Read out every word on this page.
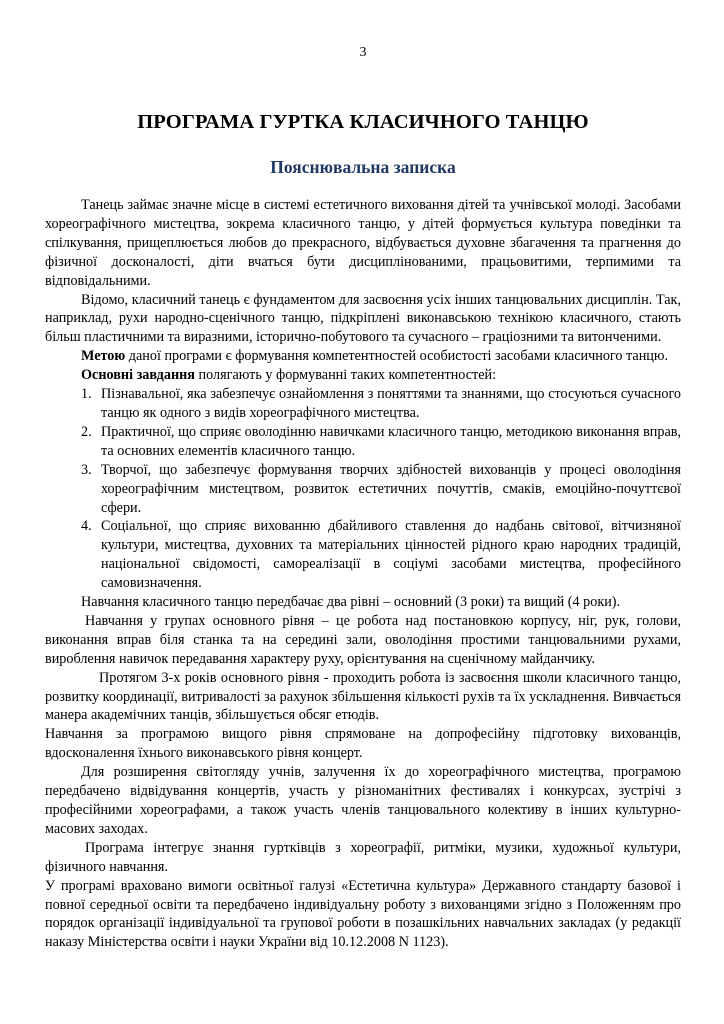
3

ПРОГРАМА ГУРТКА КЛАСИЧНОГО ТАНЦЮ
Пояснювальна записка

Танець займає значне місце в системі естетичного виховання дітей та учнівської молоді. Засобами хореографічного мистецтва, зокрема класичного танцю, у дітей формується культура поведінки та спілкування, прищеплюється любов до прекрасного, відбувається духовне збагачення та прагнення до фізичної досконалості, діти вчаться бути дисциплінованими, працьовитими, терпимими та відповідальними.

Відомо, класичний танець є фундаментом для засвоєння усіх інших танцювальних дисциплін. Так, наприклад, рухи народно-сценічного танцю, підкріплені виконавською технікою класичного, стають більш пластичними та виразними, історично-побутового та сучасного – граціозними та витонченими.

Метою даної програми є формування компетентностей особистості засобами класичного танцю.

Основні завдання полягають у формуванні таких компетентностей:

1. Пізнавальної, яка забезпечує ознайомлення з поняттями та знаннями, що стосуються сучасного танцю як одного з видів хореографічного мистецтва.
2. Практичної, що сприяє оволодінню навичками класичного танцю, методикою виконання вправ, та основних елементів класичного танцю.
3. Творчої, що забезпечує формування творчих здібностей вихованців у процесі оволодіння хореографічним мистецтвом, розвиток естетичних почуттів, смаків, емоційно-почуттєвої сфери.
4. Соціальної, що сприяє вихованню дбайливого ставлення до надбань світової, вітчизняної культури, мистецтва, духовних та матеріальних цінностей рідного краю народних традицій, національної свідомості, самореалізації в соціумі засобами мистецтва, професійного самовизначення.

Навчання класичного танцю передбачає два рівні – основний (3 роки) та вищий (4 роки).

Навчання у групах основного рівня – це робота над постановкою корпусу, ніг, рук, голови, виконання вправ біля станка та на середині зали, оволодіння простими танцювальними рухами, вироблення навичок передавання характеру руху, орієнтування на сценічному майданчику.

Протягом 3-х років основного рівня - проходить робота із засвоєння школи класичного танцю, розвитку координації, витривалості за рахунок збільшення кількості рухів та їх ускладнення. Вивчається манера академічних танців, збільшується обсяг етюдів.

Навчання за програмою вищого рівня спрямоване на допрофесійну підготовку вихованців, вдосконалення їхнього виконавського рівня концерт.

Для розширення світогляду учнів, залучення їх до хореографічного мистецтва, програмою передбачено відвідування концертів, участь у різноманітних фестивалях і конкурсах, зустрічі з професійними хореографами, а також участь членів танцювального колективу в інших культурно-масових заходах.

Програма інтегрує знання гуртківців з хореографії, ритміки, музики, художньої культури, фізичного навчання.

У програмі враховано вимоги освітньої галузі «Естетична культура» Державного стандарту базової і повної середньої освіти та передбачено індивідуальну роботу з вихованцями згідно з Положенням про порядок організації індивідуальної та групової роботи в позашкільних навчальних закладах (у редакції наказу Міністерства освіти і науки України від 10.12.2008 N 1123).
